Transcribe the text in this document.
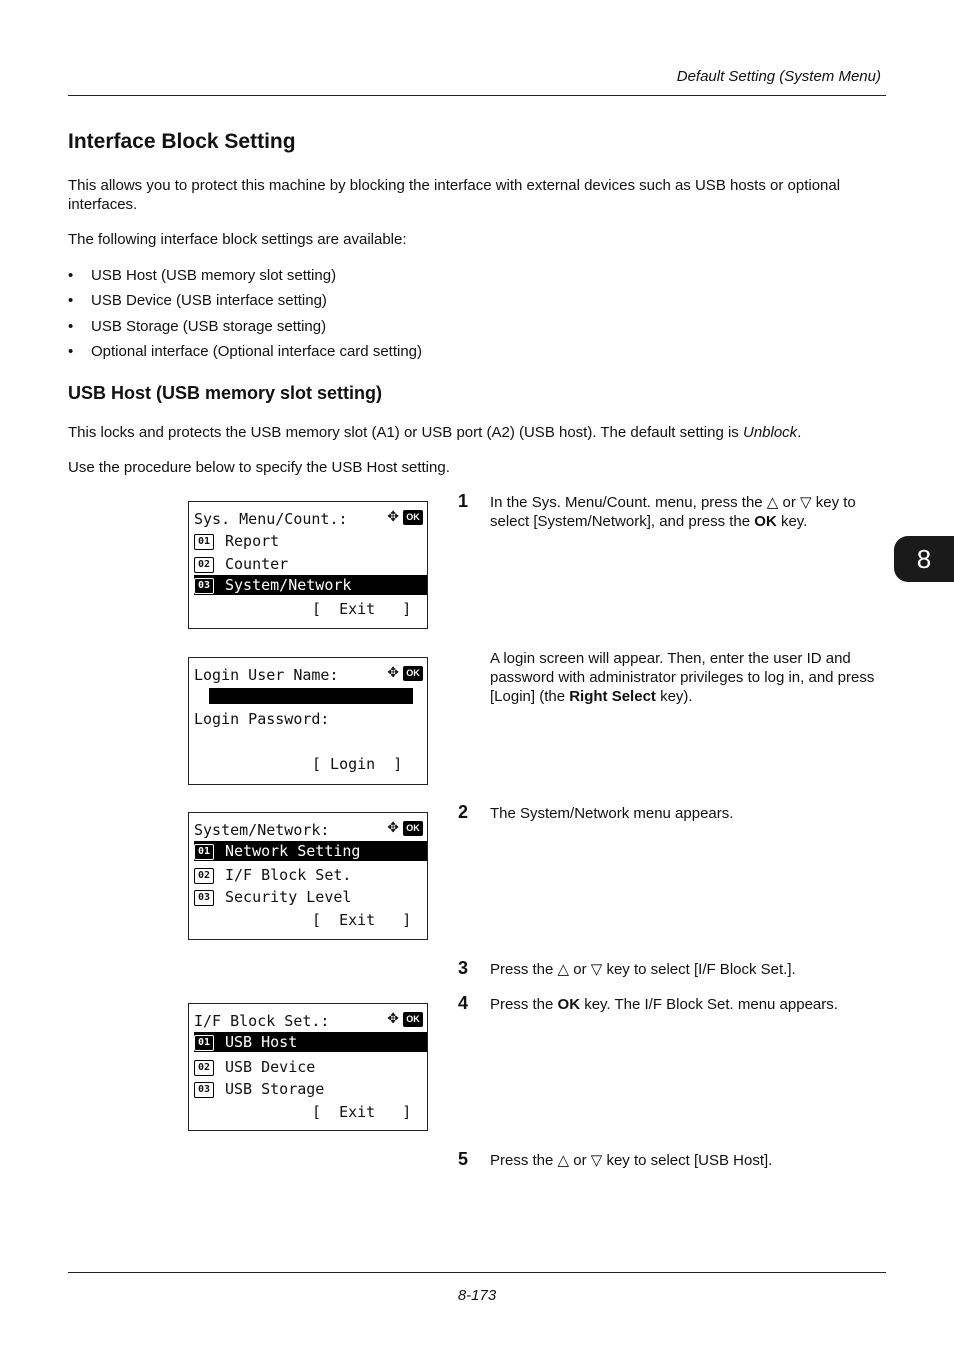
Default Setting (System Menu)
8
Interface Block Setting

This allows you to protect this machine by blocking the interface with external devices such as USB hosts or optional interfaces.

The following interface block settings are available:

• USB Host (USB memory slot setting)
• USB Device (USB interface setting)
• USB Storage (USB storage setting)
• Optional interface (Optional interface card setting)
USB Host (USB memory slot setting)

This locks and protects the USB memory slot (A1) or USB port (A2) (USB host). The default setting is Unblock.

Use the procedure below to specify the USB Host setting.

Sys. Menu/Count.:	✥ OK
01 Report
02 Counter
03 System/Network
[  Exit   ]
Login User Name:	✥ OK
Login Password:
[ Login  ]
System/Network:	✥ OK
01 Network Setting
02 I/F Block Set.
03 Security Level
[  Exit   ]
I/F Block Set.:	✥ OK
01 USB Host
02 USB Device
03 USB Storage
[  Exit   ]
1 In the Sys. Menu/Count. menu, press the △ or ▽ key to select [System/Network], and press the OK key.
A login screen will appear. Then, enter the user ID and password with administrator privileges to log in, and press [Login] (the Right Select key).
2 The System/Network menu appears.
3 Press the △ or ▽ key to select [I/F Block Set.].
4 Press the OK key. The I/F Block Set. menu appears.
5 Press the △ or ▽ key to select [USB Host].
8-173
